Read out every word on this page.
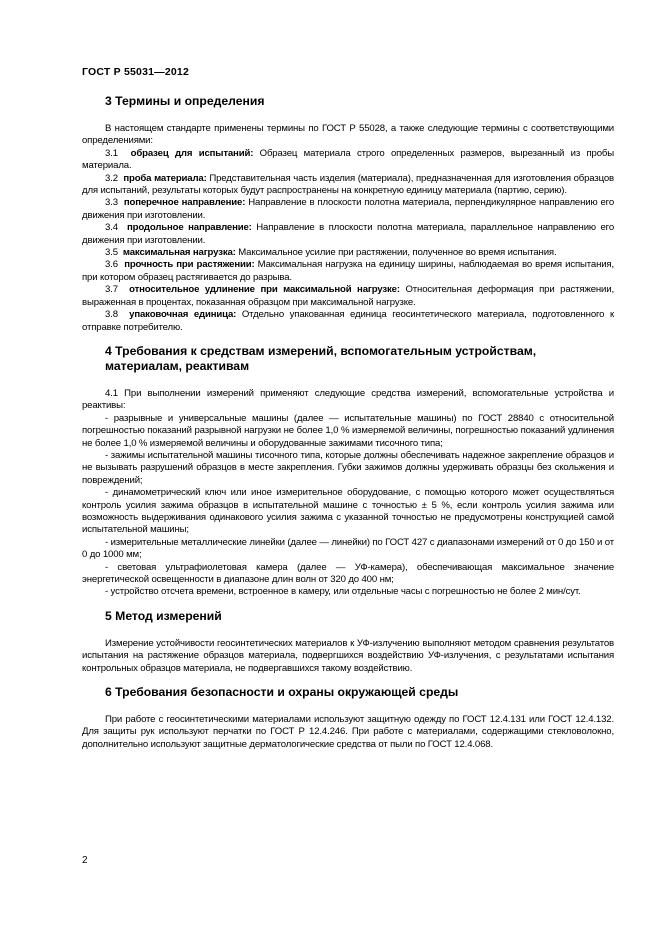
ГОСТ Р 55031—2012
3 Термины и определения

В настоящем стандарте применены термины по ГОСТ Р 55028, а также следующие термины с соответствующими определениями:

3.1 образец для испытаний: Образец материала строго определенных размеров, вырезанный из пробы материала.

3.2 проба материала: Представительная часть изделия (материала), предназначенная для изготовления образцов для испытаний, результаты которых будут распространены на конкретную единицу материала (партию, серию).

3.3 поперечное направление: Направление в плоскости полотна материала, перпендикулярное направлению его движения при изготовлении.

3.4 продольное направление: Направление в плоскости полотна материала, параллельное направлению его движения при изготовлении.

3.5 максимальная нагрузка: Максимальное усилие при растяжении, полученное во время испытания.

3.6 прочность при растяжении: Максимальная нагрузка на единицу ширины, наблюдаемая во время испытания, при котором образец растягивается до разрыва.

3.7 относительное удлинение при максимальной нагрузке: Относительная деформация при растяжении, выраженная в процентах, показанная образцом при максимальной нагрузке.

3.8 упаковочная единица: Отдельно упакованная единица геосинтетического материала, подготовленного к отправке потребителю.

4 Требования к средствам измерений, вспомогательным устройствам,
материалам, реактивам

4.1 При выполнении измерений применяют следующие средства измерений, вспомогательные устройства и реактивы:

- разрывные и универсальные машины (далее — испытательные машины) по ГОСТ 28840 с относительной погрешностью показаний разрывной нагрузки не более 1,0 % измеряемой величины, погрешностью показаний удлинения не более 1,0 % измеряемой величины и оборудованные зажимами тисочного типа;

- зажимы испытательной машины тисочного типа, которые должны обеспечивать надежное закрепление образцов и не вызывать разрушений образцов в месте закрепления. Губки зажимов должны удерживать образцы без скольжения и повреждений;

- динамометрический ключ или иное измерительное оборудование, с помощью которого может осуществляться контроль усилия зажима образцов в испытательной машине с точностью ± 5 %, если контроль усилия зажима или возможность выдерживания одинакового усилия зажима с указанной точностью не предусмотрены конструкцией самой испытательной машины;

- измерительные металлические линейки (далее — линейки) по ГОСТ 427 с диапазонами измерений от 0 до 150 и от 0 до 1000 мм;

- световая ультрафиолетовая камера (далее — УФ-камера), обеспечивающая максимальное значение энергетической освещенности в диапазоне длин волн от 320 до 400 нм;

- устройство отсчета времени, встроенное в камеру, или отдельные часы с погрешностью не более 2 мин/сут.

5 Метод измерений

Измерение устойчивости геосинтетических материалов к УФ-излучению выполняют методом сравнения результатов испытания на растяжение образцов материала, подвергшихся воздействию УФ-излучения, с результатами испытания контрольных образцов материала, не подвергавшихся такому воздействию.

6 Требования безопасности и охраны окружающей среды

При работе с геосинтетическими материалами используют защитную одежду по ГОСТ 12.4.131 или ГОСТ 12.4.132. Для защиты рук используют перчатки по ГОСТ Р 12.4.246. При работе с материалами, содержащими стекловолокно, дополнительно используют защитные дерматологические средства от пыли по ГОСТ 12.4.068.

2
